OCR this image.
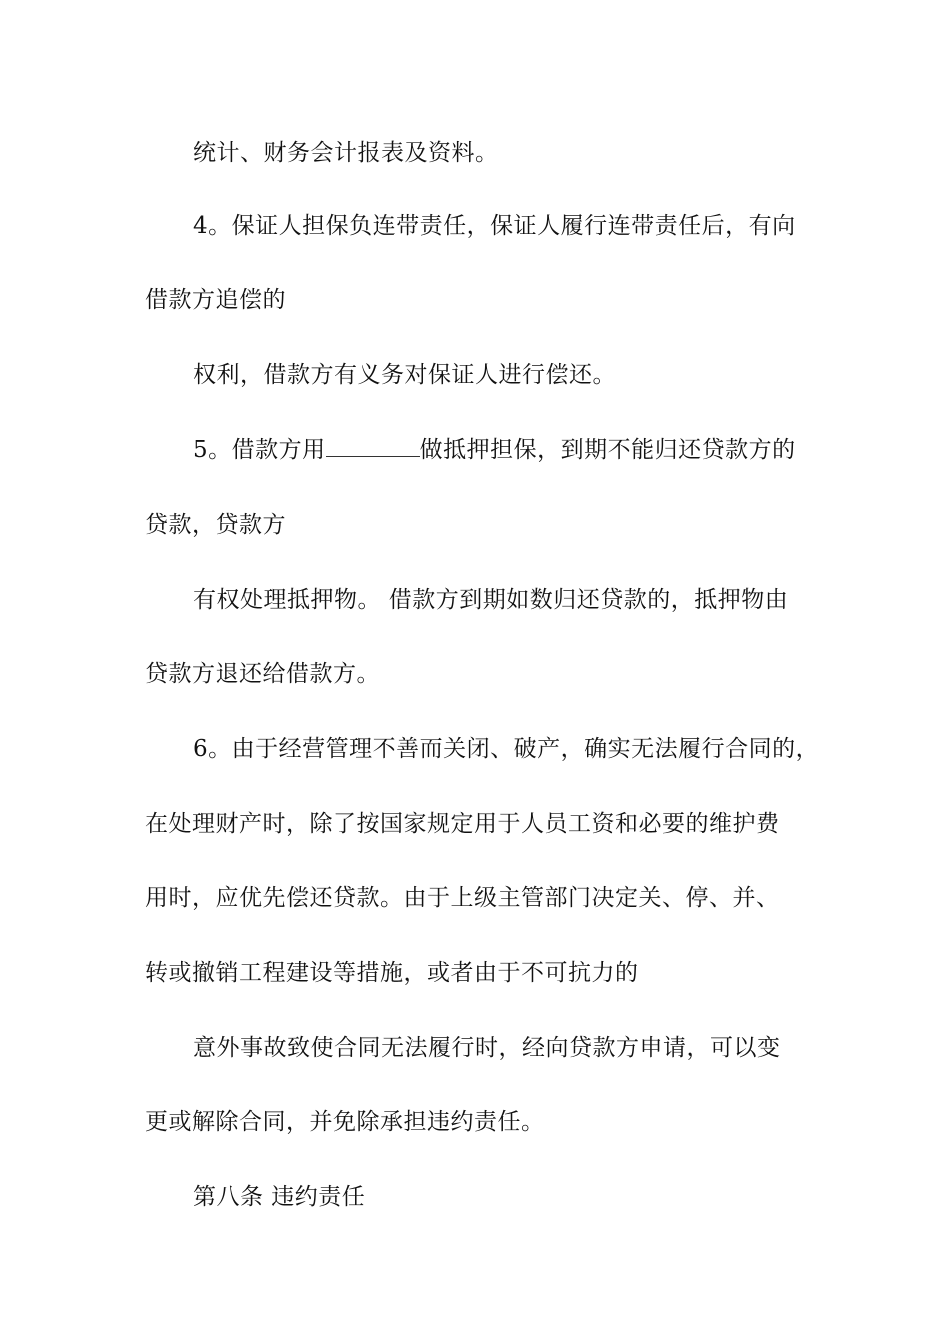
统计、财务会计报表及资料。
4。保证人担保负连带责任，保证人履行连带责任后，有向
借款方追偿的
权利，借款方有义务对保证人进行偿还。
5。借款方用	做抵押担保，到期不能归还贷款方的
贷款，贷款方
有权处理抵押物。 借款方到期如数归还贷款的，抵押物由
贷款方退还给借款方。
6。由于经营管理不善而关闭、破产，确实无法履行合同的，
在处理财产时，除了按国家规定用于人员工资和必要的维护费
用时，应优先偿还贷款。由于上级主管部门决定关、停、并、
转或撤销工程建设等措施，或者由于不可抗力的
意外事故致使合同无法履行时，经向贷款方申请，可以变
更或解除合同，并免除承担违约责任。
第八条 违约责任
